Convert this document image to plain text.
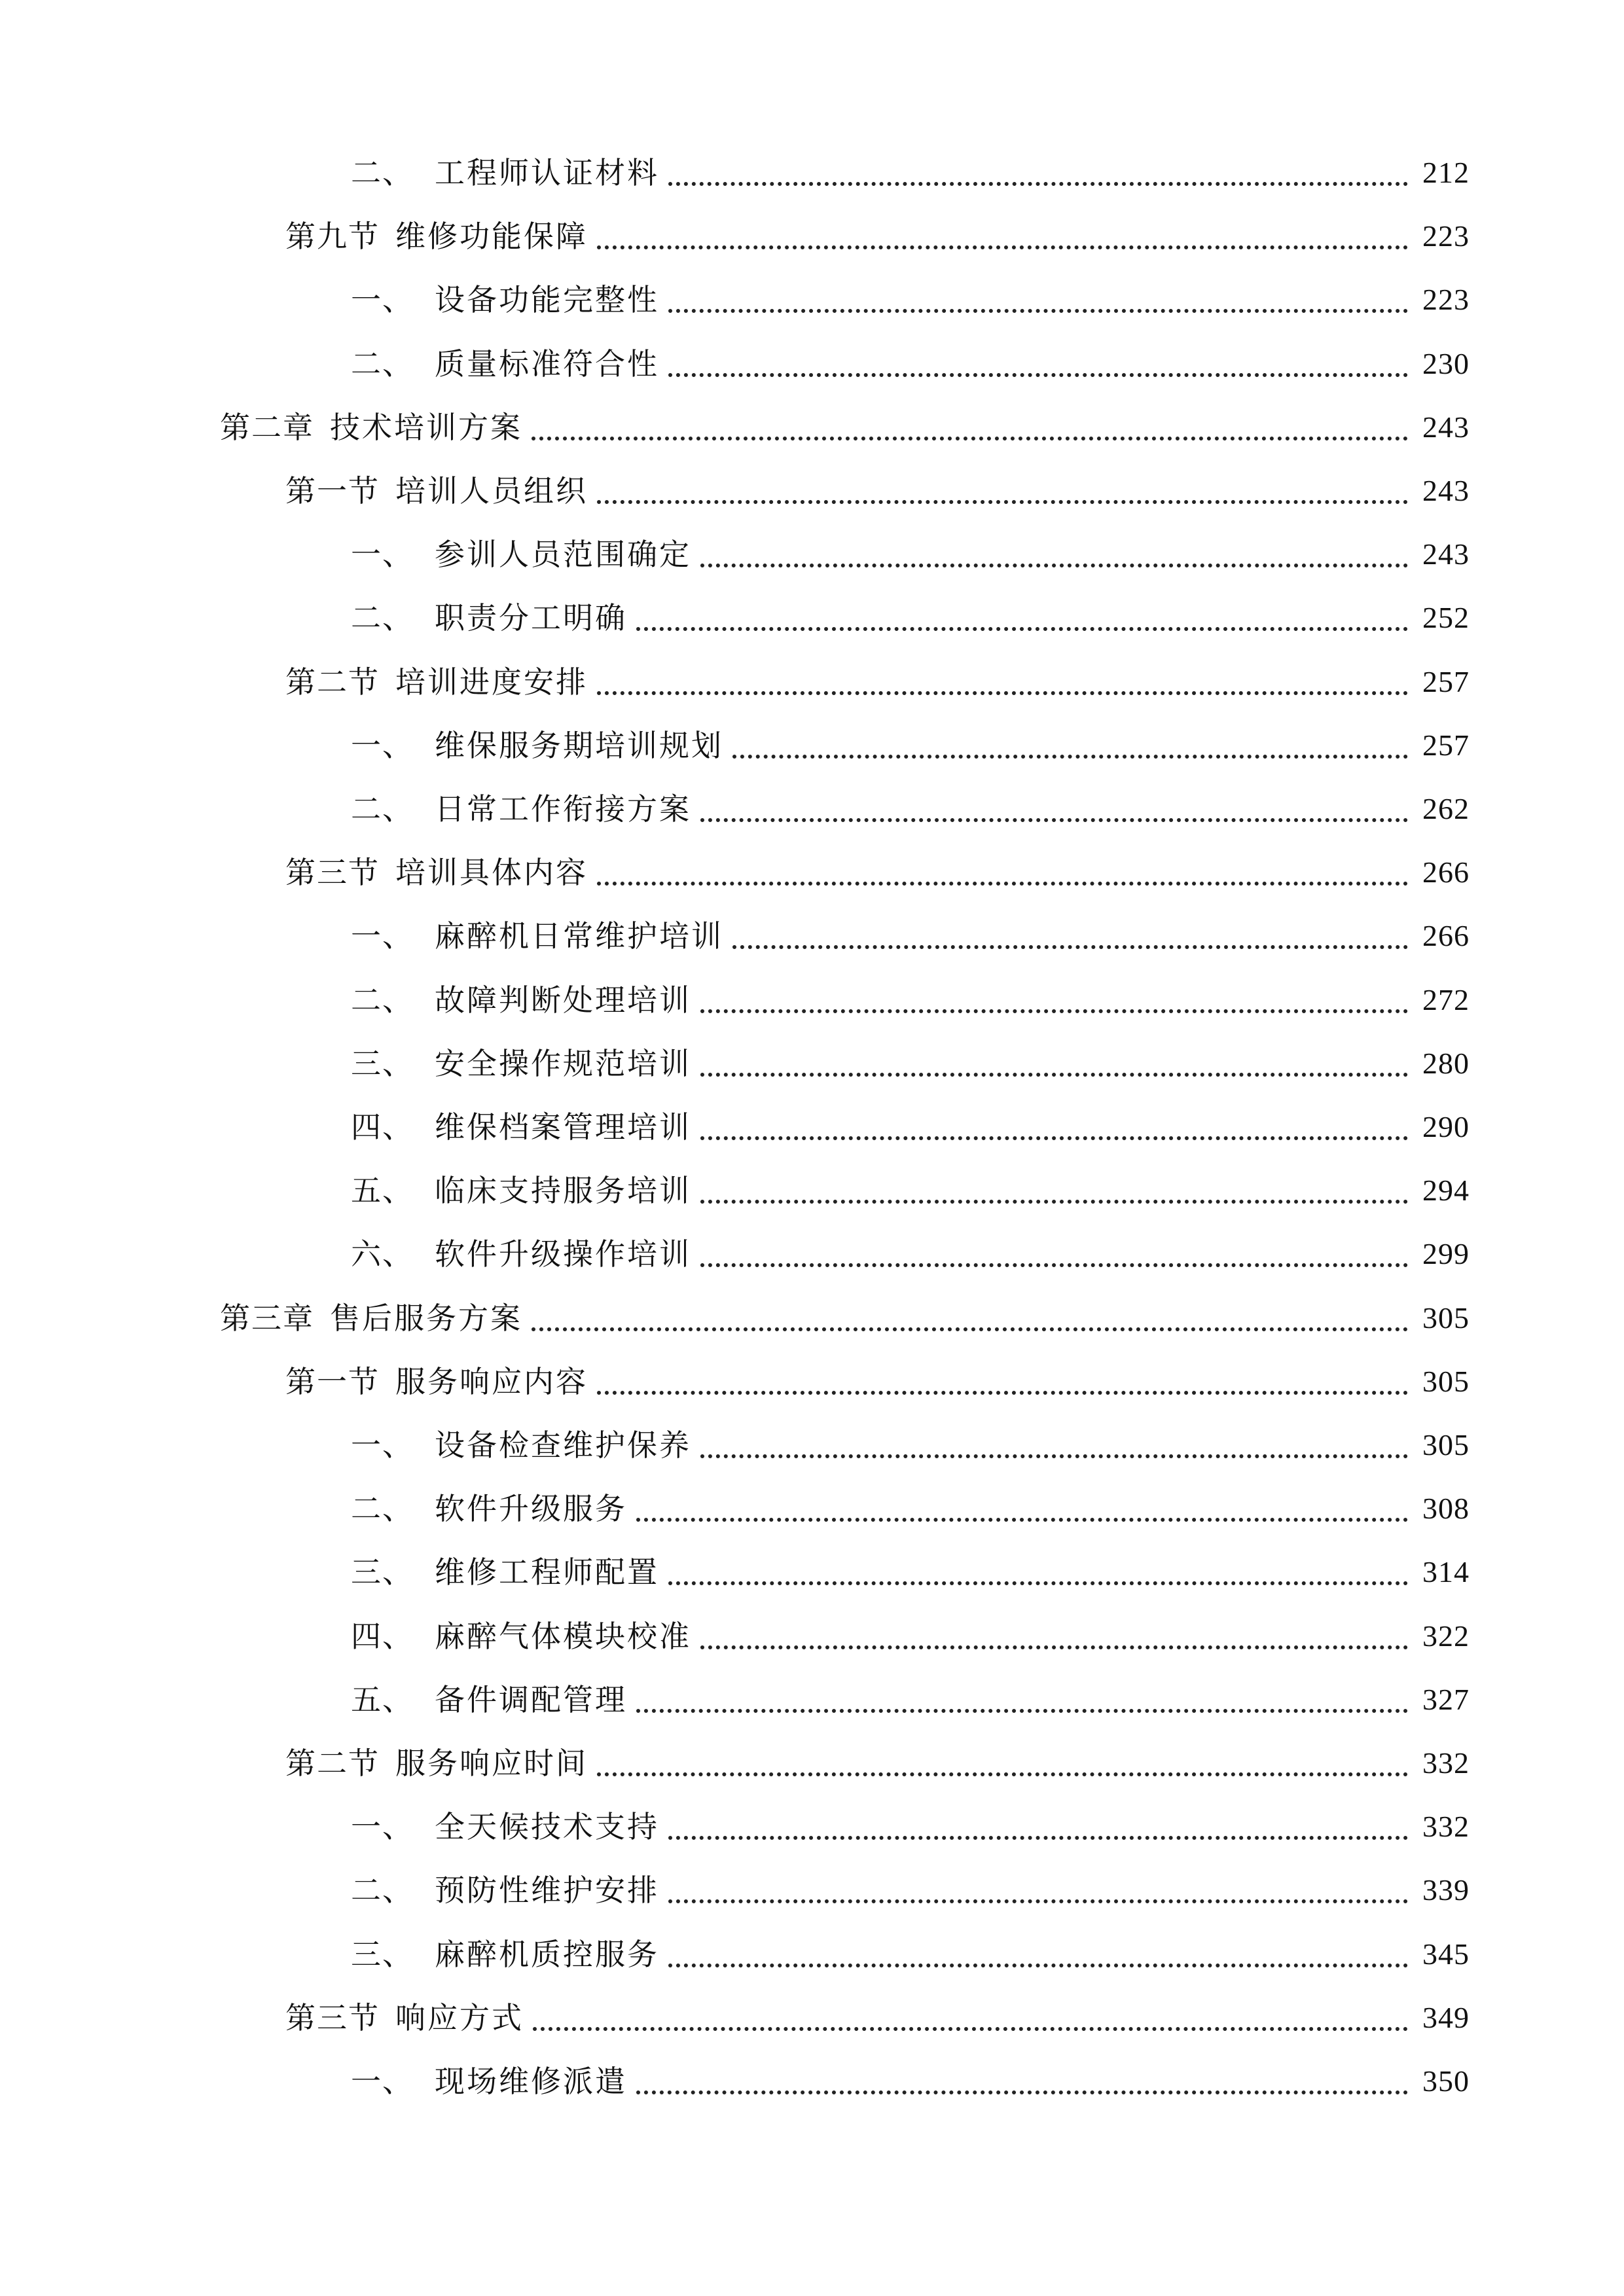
二、 工程师认证材料	212
第九节 维修功能保障	223
一、 设备功能完整性	223
二、 质量标准符合性	230
第二章 技术培训方案	243
第一节 培训人员组织	243
一、 参训人员范围确定	243
二、 职责分工明确	252
第二节 培训进度安排	257
一、 维保服务期培训规划	257
二、 日常工作衔接方案	262
第三节 培训具体内容	266
一、 麻醉机日常维护培训	266
二、 故障判断处理培训	272
三、 安全操作规范培训	280
四、 维保档案管理培训	290
五、 临床支持服务培训	294
六、 软件升级操作培训	299
第三章 售后服务方案	305
第一节 服务响应内容	305
一、 设备检查维护保养	305
二、 软件升级服务	308
三、 维修工程师配置	314
四、 麻醉气体模块校准	322
五、 备件调配管理	327
第二节 服务响应时间	332
一、 全天候技术支持	332
二、 预防性维护安排	339
三、 麻醉机质控服务	345
第三节 响应方式	349
一、 现场维修派遣	350
